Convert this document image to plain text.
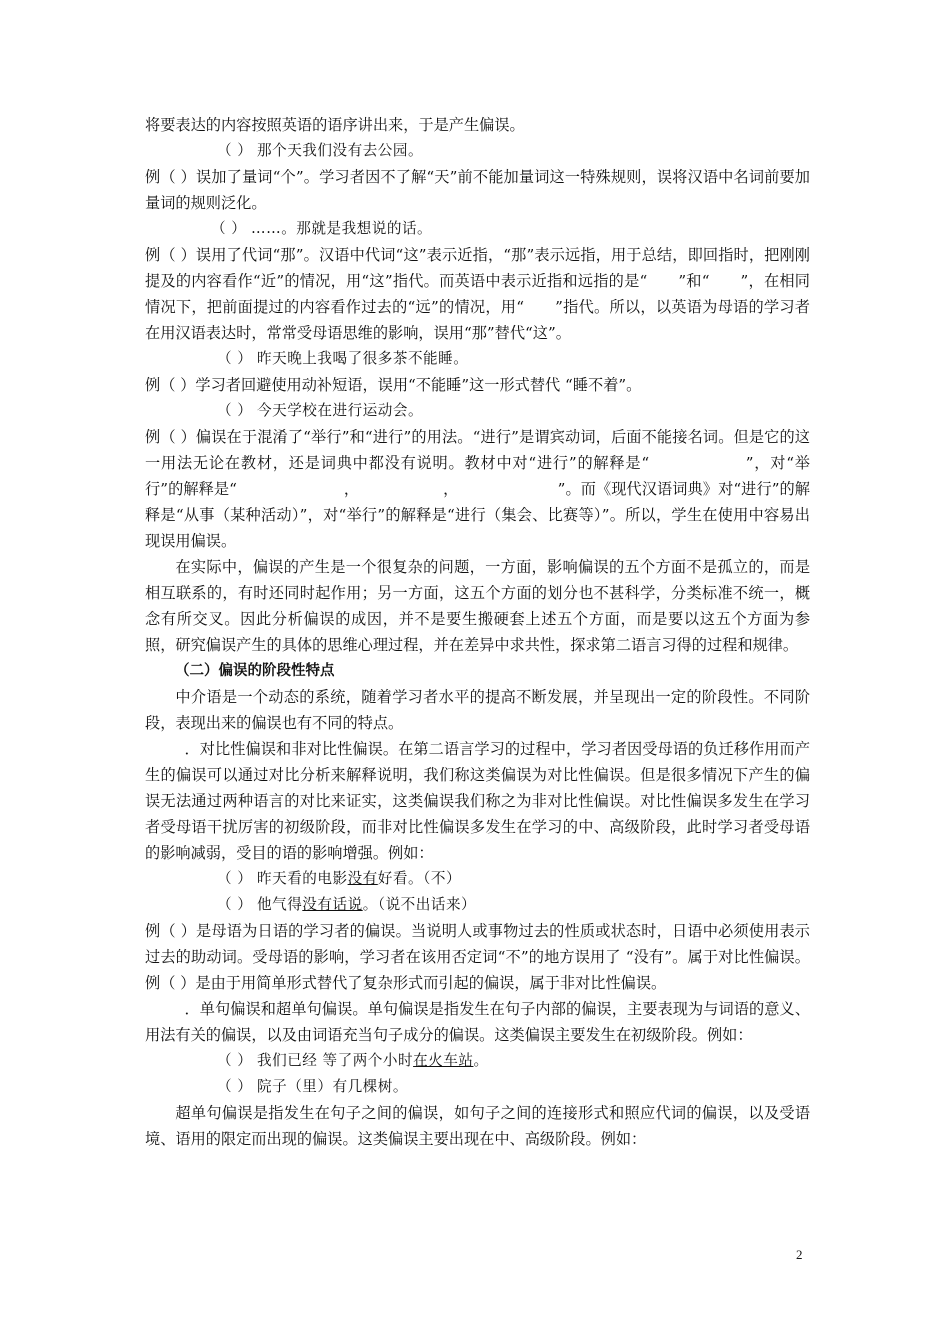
将要表达的内容按照英语的语序讲出来，于是产生偏误。

（ ） 那个天我们没有去公园。

例（ ）误加了量词“个”。学习者因不了解“天”前不能加量词这一特殊规则，误将汉语中名词前要加量词的规则泛化。

（ ） ……。那就是我想说的话。

例（ ）误用了代词“那”。汉语中代词“这”表示近指，“那”表示远指，用于总结，即回指时，把刚刚提及的内容看作“近”的情况，用“这”指代。而英语中表示近指和远指的是“　　”和“　　”，在相同情况下，把前面提过的内容看作过去的“远”的情况，用“　　”指代。所以，以英语为母语的学习者在用汉语表达时，常常受母语思维的影响，误用“那”替代“这”。

（ ） 昨天晚上我喝了很多茶不能睡。

例（ ）学习者回避使用动补短语，误用“不能睡”这一形式替代 “睡不着”。

（ ） 今天学校在进行运动会。

例（ ）偏误在于混淆了“举行”和“进行”的用法。“进行”是谓宾动词，后面不能接名词。但是它的这一用法无论在教材，还是词典中都没有说明。教材中对“进行”的解释是“　　　　　　”，对“举行”的解释是“　　　　　　　，　　　　　　，　　　　　　　”。而《现代汉语词典》对“进行”的解释是“从事（某种活动）”，对“举行”的解释是“进行（集会、比赛等）”。所以，学生在使用中容易出现误用偏误。

在实际中，偏误的产生是一个很复杂的问题，一方面，影响偏误的五个方面不是孤立的，而是相互联系的，有时还同时起作用；另一方面，这五个方面的划分也不甚科学，分类标准不统一，概念有所交叉。因此分析偏误的成因，并不是要生搬硬套上述五个方面，而是要以这五个方面为参照，研究偏误产生的具体的思维心理过程，并在差异中求共性，探求第二语言习得的过程和规律。

（二）偏误的阶段性特点

中介语是一个动态的系统，随着学习者水平的提高不断发展，并呈现出一定的阶段性。不同阶段，表现出来的偏误也有不同的特点。

．对比性偏误和非对比性偏误。在第二语言学习的过程中，学习者因受母语的负迁移作用而产生的偏误可以通过对比分析来解释说明，我们称这类偏误为对比性偏误。但是很多情况下产生的偏误无法通过两种语言的对比来证实，这类偏误我们称之为非对比性偏误。对比性偏误多发生在学习者受母语干扰厉害的初级阶段，而非对比性偏误多发生在学习的中、高级阶段，此时学习者受母语的影响减弱，受目的语的影响增强。例如：

（ ） 昨天看的电影没有好看。（不）

（ ） 他气得没有话说。（说不出话来）

例（ ）是母语为日语的学习者的偏误。当说明人或事物过去的性质或状态时，日语中必须使用表示过去的助动词。受母语的影响，学习者在该用否定词“不”的地方误用了 “没有”。属于对比性偏误。例（ ）是由于用简单形式替代了复杂形式而引起的偏误，属于非对比性偏误。

．单句偏误和超单句偏误。单句偏误是指发生在句子内部的偏误，主要表现为与词语的意义、用法有关的偏误，以及由词语充当句子成分的偏误。这类偏误主要发生在初级阶段。例如：

（ ） 我们已经 等了两个小时在火车站。

（ ） 院子（里）有几棵树。

超单句偏误是指发生在句子之间的偏误，如句子之间的连接形式和照应代词的偏误，以及受语境、语用的限定而出现的偏误。这类偏误主要出现在中、高级阶段。例如：

2
